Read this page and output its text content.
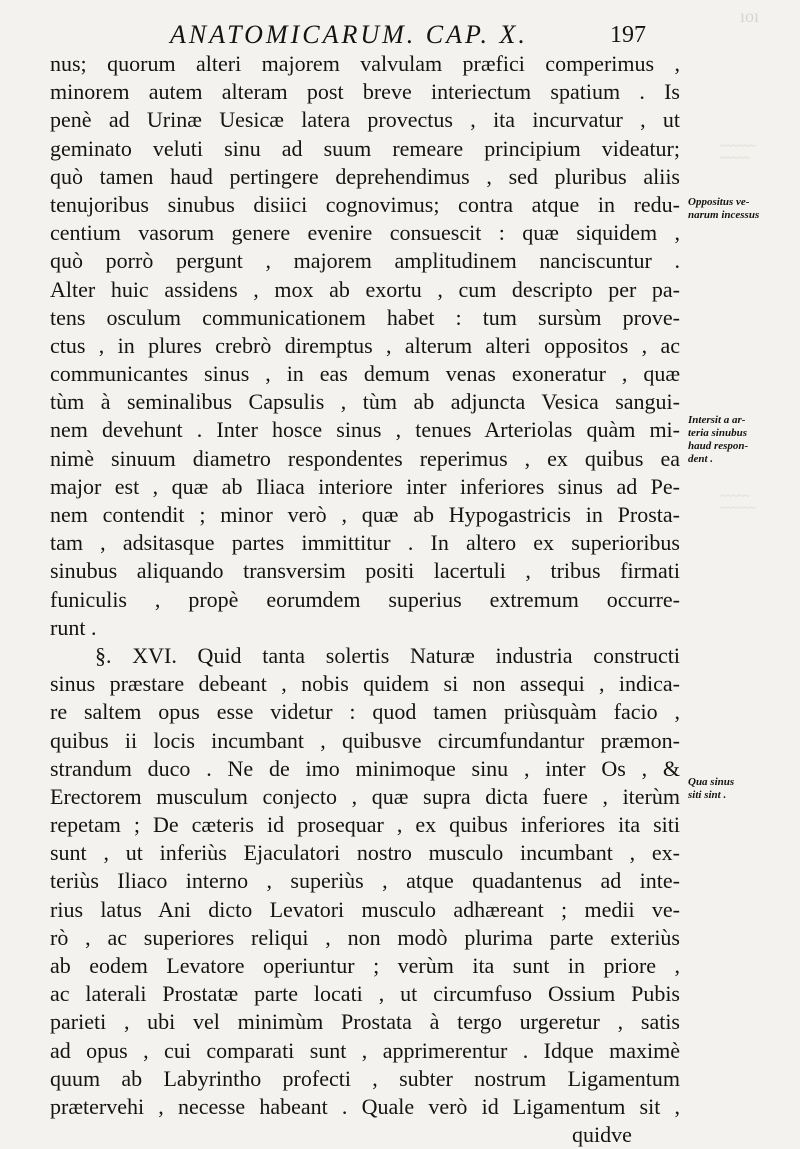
ıoı
ANATOMICARUM. CAP. X.	197
nus; quorum alteri majorem valvulam præfici comperimus ,
minorem autem alteram post breve interiectum spatium . Is
penè ad Urinæ Uesicæ latera provectus , ita incurvatur , ut
geminato veluti sinu ad suum remeare principium videatur;
quò tamen haud pertingere deprehendimus , sed pluribus aliis
tenujoribus sinubus disiici cognovimus; contra atque in redu-
centium vasorum genere evenire consuescit : quæ siquidem ,
quò porrò pergunt , majorem amplitudinem nanciscuntur .
Alter huic assidens , mox ab exortu , cum descripto per pa-
tens osculum communicationem habet : tum sursùm prove-
ctus , in plures crebrò diremptus , alterum alteri oppositos , ac
communicantes sinus , in eas demum venas exoneratur , quæ
tùm à seminalibus Capsulis , tùm ab adjuncta Vesica sangui-
nem devehunt . Inter hosce sinus , tenues Arteriolas quàm mi-
nimè sinuum diametro respondentes reperimus , ex quibus ea
major est , quæ ab Iliaca interiore inter inferiores sinus ad Pe-
nem contendit ; minor verò , quæ ab Hypogastricis in Prosta-
tam , adsitasque partes immittitur . In altero ex superioribus
sinubus aliquando transversim positi lacertuli , tribus firmati
funiculis , propè eorumdem superius extremum occurre-
runt .
§. XVI. Quid tanta solertis Naturæ industria constructi
sinus præstare debeant , nobis quidem si non assequi , indica-
re saltem opus esse videtur : quod tamen priùsquàm facio ,
quibus ii locis incumbant , quibusve circumfundantur præmon-
strandum duco . Ne de imo minimoque sinu , inter Os , &
Erectorem musculum conjecto , quæ supra dicta fuere , iterùm
repetam ; De cæteris id prosequar , ex quibus inferiores ita siti
sunt , ut inferiùs Ejaculatori nostro musculo incumbant , ex-
teriùs Iliaco interno , superiùs , atque quadantenus ad inte-
rius latus Ani dicto Levatori musculo adhæreant ; medii ve-
rò , ac superiores reliqui , non modò plurima parte exteriùs
ab eodem Levatore operiuntur ; verùm ita sunt in priore ,
ac laterali Prostatæ parte locati , ut circumfuso Ossium Pubis
parieti , ubi vel minimùm Prostata à tergo urgeretur , satis
ad opus , cui comparati sunt , apprimerentur . Idque maximè
quum ab Labyrintho profecti , subter nostrum Ligamentum
prætervehi , necesse habeant . Quale verò id Ligamentum sit ,
quidve
Oppositus ve-
narum incessus
Intersit a ar-
teria sinubus
haud respon-
dent .
Qua sinus
siti sint .
~~~~~~
~~~~~
~~~~~
~~~~~~
